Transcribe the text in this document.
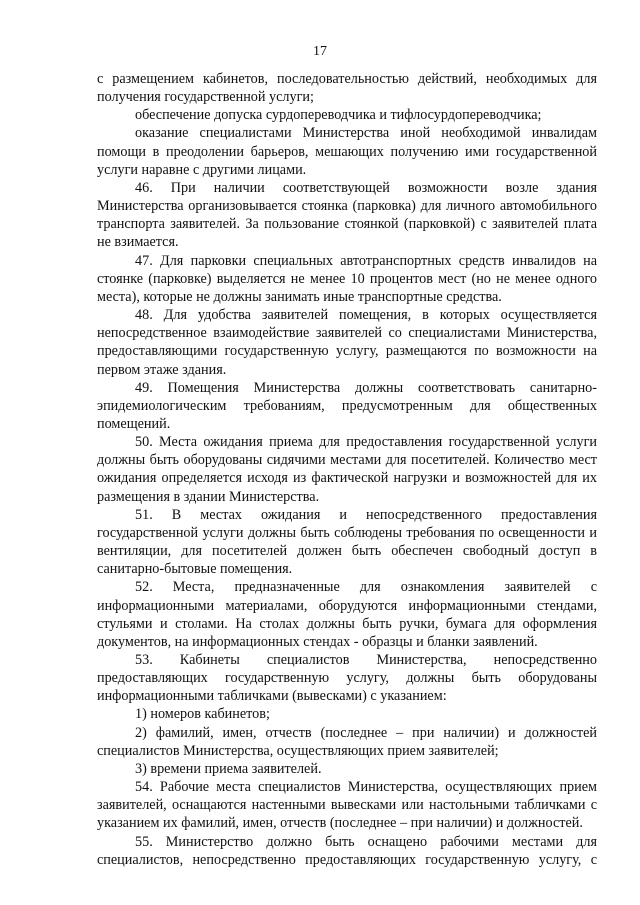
17

с размещением кабинетов, последовательностью действий, необходимых для получения государственной услуги;

обеспечение допуска сурдопереводчика и тифлосурдопереводчика;

оказание специалистами Министерства иной необходимой инвалидам помощи в преодолении барьеров, мешающих получению ими государственной услуги наравне с другими лицами.

46. При наличии соответствующей возможности возле здания Министерства организовывается стоянка (парковка) для личного автомобильного транспорта заявителей. За пользование стоянкой (парковкой) с заявителей плата не взимается.

47. Для парковки специальных автотранспортных средств инвалидов на стоянке (парковке) выделяется не менее 10 процентов мест (но не менее одного места), которые не должны занимать иные транспортные средства.

48. Для удобства заявителей помещения, в которых осуществляется непосредственное взаимодействие заявителей со специалистами Министерства, предоставляющими государственную услугу, размещаются по возможности на первом этаже здания.

49. Помещения Министерства должны соответствовать санитарно-эпидемиологическим требованиям, предусмотренным для общественных помещений.

50. Места ожидания приема для предоставления государственной услуги должны быть оборудованы сидячими местами для посетителей. Количество мест ожидания определяется исходя из фактической нагрузки и возможностей для их размещения в здании Министерства.

51. В местах ожидания и непосредственного предоставления государственной услуги должны быть соблюдены требования по освещенности и вентиляции, для посетителей должен быть обеспечен свободный доступ в санитарно-бытовые помещения.

52. Места, предназначенные для ознакомления заявителей с информационными материалами, оборудуются информационными стендами, стульями и столами. На столах должны быть ручки, бумага для оформления документов, на информационных стендах - образцы и бланки заявлений.

53. Кабинеты специалистов Министерства, непосредственно предоставляющих государственную услугу, должны быть оборудованы информационными табличками (вывесками) с указанием:

1) номеров кабинетов;

2) фамилий, имен, отчеств (последнее – при наличии) и должностей специалистов Министерства, осуществляющих прием заявителей;

3) времени приема заявителей.

54. Рабочие места специалистов Министерства, осуществляющих прием заявителей, оснащаются настенными вывесками или настольными табличками с указанием их фамилий, имен, отчеств (последнее – при наличии) и должностей.

55. Министерство должно быть оснащено рабочими местами для специалистов, непосредственно предоставляющих государственную услугу, с
